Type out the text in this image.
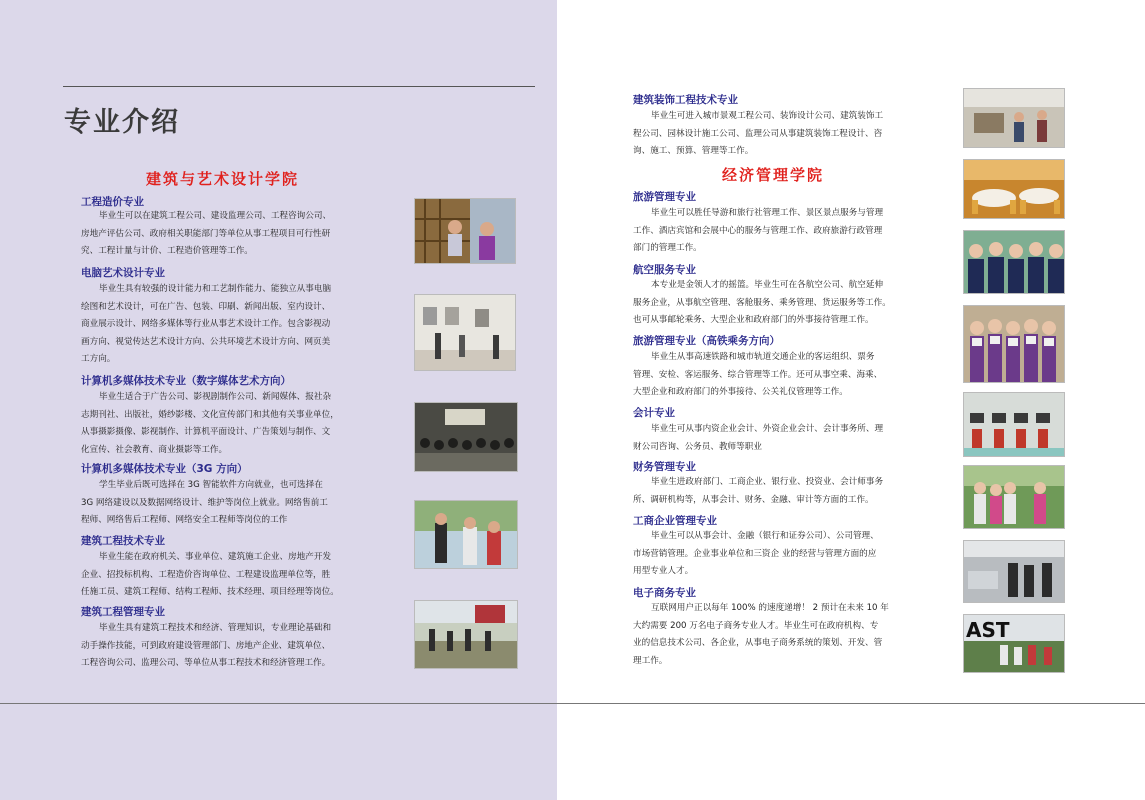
专业介绍
建筑与艺术设计学院
工程造价专业

毕业生可以在建筑工程公司、建设监理公司、工程咨询公司、
房地产评估公司、政府相关职能部门等单位从事工程项目可行性研
究、工程计量与计价、工程造价管理等工作。

电脑艺术设计专业

毕业生具有较强的设计能力和工艺制作能力、能独立从事电脑
绘图和艺术设计，可在广告、包装、印刷、新闻出版、室内设计、
商业展示设计、网络多媒体等行业从事艺术设计工作。包含影视动
画方向、视觉传达艺术设计方向、公共环境艺术设计方向、网页美
工方向。

计算机多媒体技术专业（数字媒体艺术方向）

毕业生适合于广告公司、影视剧制作公司、新闻媒体、报社杂
志期刊社、出版社，婚纱影楼、文化宣传部门和其他有关事业单位，
从事摄影摄像、影视制作、计算机平面设计、广告策划与制作、文
化宣传、社会教育、商业摄影等工作。

计算机多媒体技术专业（3G 方向）

学生毕业后既可选择在 3G 智能软件方向就业，也可选择在
3G 网络建设以及数据网络设计、维护等岗位上就业。网络售前工
程师、网络售后工程师、网络安全工程师等岗位的工作

建筑工程技术专业

毕业生能在政府机关、事业单位、建筑施工企业、房地产开发
企业、招投标机构、工程造价咨询单位、工程建设监理单位等，胜
任施工员、建筑工程师、结构工程师、技术经理、项目经理等岗位。

建筑工程管理专业

毕业生具有建筑工程技术和经济、管理知识，专业理论基础和
动手操作技能，可到政府建设管理部门、房地产企业、建筑单位、
工程咨询公司、监理公司、等单位从事工程技术和经济管理工作。

建筑装饰工程技术专业

毕业生可进入城市景观工程公司、装饰设计公司、建筑装饰工
程公司、园林设计施工公司、监理公司从事建筑装饰工程设计、咨
询、施工、预算、管理等工作。

经济管理学院
旅游管理专业

毕业生可以胜任导游和旅行社管理工作、景区景点服务与管理
工作、酒店宾馆和会展中心的服务与管理工作、政府旅游行政管理
部门的管理工作。

航空服务专业

本专业是金领人才的摇篮。毕业生可在各航空公司、航空延伸
服务企业，从事航空管理、客舱服务、乘务管理、货运服务等工作。
也可从事邮轮乘务、大型企业和政府部门的外事接待管理工作。

旅游管理专业（高铁乘务方向）

毕业生从事高速铁路和城市轨道交通企业的客运组织、票务
管理、安检、客运服务、综合管理等工作。还可从事空乘、海乘、
大型企业和政府部门的外事接待、公关礼仪管理等工作。

会计专业

毕业生可从事内资企业会计、外资企业会计、会计事务所、理
财公司咨询、公务员、教师等职业

财务管理专业

毕业生进政府部门、工商企业、银行业、投资业、会计师事务
所、调研机构等，从事会计、财务、金融、审计等方面的工作。

工商企业管理专业

毕业生可以从事会计、金融（银行和证券公司）、公司管理、
市场营销管理。企业事业单位和三资企 业的经营与管理方面的应
用型专业人才。

电子商务专业

互联网用户正以每年 100% 的速度递增！ 2 预计在未来 10 年
大约需要 200 万名电子商务专业人才。毕业生可在政府机构、专
业的信息技术公司、各企业，从事电子商务系统的策划、开发、管
理工作。

AST
